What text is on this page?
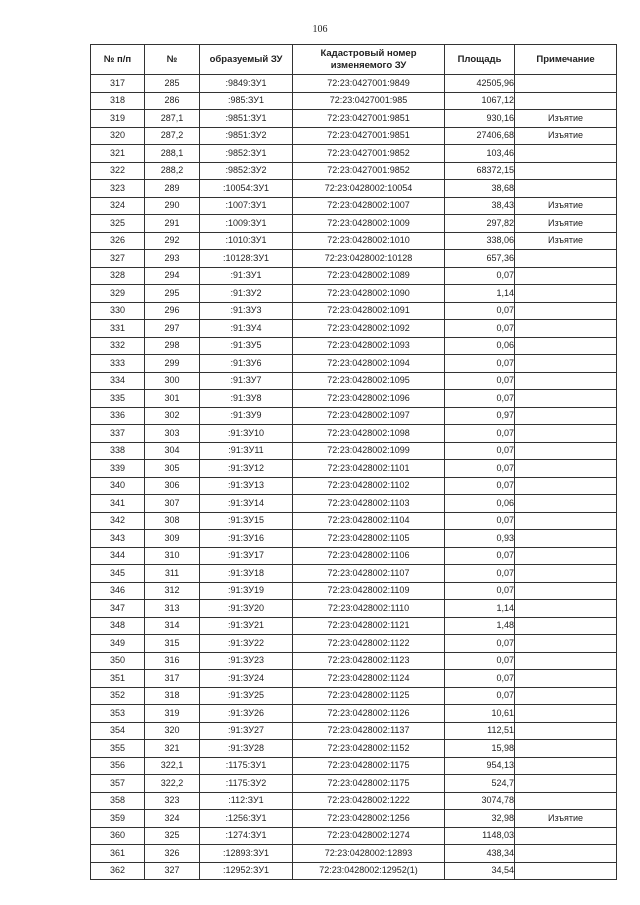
106
№ п/п	№	образуемый ЗУ	Кадастровый номер изменяемого ЗУ	Площадь	Примечание
317	285	:9849:ЗУ1	72:23:0427001:9849	42505,96	
318	286	:985:ЗУ1	72:23:0427001:985	1067,12	
319	287,1	:9851:ЗУ1	72:23:0427001:9851	930,16	Изъятие
320	287,2	:9851:ЗУ2	72:23:0427001:9851	27406,68	Изъятие
321	288,1	:9852:ЗУ1	72:23:0427001:9852	103,46	
322	288,2	:9852:ЗУ2	72:23:0427001:9852	68372,15	
323	289	:10054:ЗУ1	72:23:0428002:10054	38,68	
324	290	:1007:ЗУ1	72:23:0428002:1007	38,43	Изъятие
325	291	:1009:ЗУ1	72:23:0428002:1009	297,82	Изъятие
326	292	:1010:ЗУ1	72:23:0428002:1010	338,06	Изъятие
327	293	:10128:ЗУ1	72:23:0428002:10128	657,36	
328	294	:91:ЗУ1	72:23:0428002:1089	0,07	
329	295	:91:ЗУ2	72:23:0428002:1090	1,14	
330	296	:91:ЗУ3	72:23:0428002:1091	0,07	
331	297	:91:ЗУ4	72:23:0428002:1092	0,07	
332	298	:91:ЗУ5	72:23:0428002:1093	0,06	
333	299	:91:ЗУ6	72:23:0428002:1094	0,07	
334	300	:91:ЗУ7	72:23:0428002:1095	0,07	
335	301	:91:ЗУ8	72:23:0428002:1096	0,07	
336	302	:91:ЗУ9	72:23:0428002:1097	0,97	
337	303	:91:ЗУ10	72:23:0428002:1098	0,07	
338	304	:91:ЗУ11	72:23:0428002:1099	0,07	
339	305	:91:ЗУ12	72:23:0428002:1101	0,07	
340	306	:91:ЗУ13	72:23:0428002:1102	0,07	
341	307	:91:ЗУ14	72:23:0428002:1103	0,06	
342	308	:91:ЗУ15	72:23:0428002:1104	0,07	
343	309	:91:ЗУ16	72:23:0428002:1105	0,93	
344	310	:91:ЗУ17	72:23:0428002:1106	0,07	
345	311	:91:ЗУ18	72:23:0428002:1107	0,07	
346	312	:91:ЗУ19	72:23:0428002:1109	0,07	
347	313	:91:ЗУ20	72:23:0428002:1110	1,14	
348	314	:91:ЗУ21	72:23:0428002:1121	1,48	
349	315	:91:ЗУ22	72:23:0428002:1122	0,07	
350	316	:91:ЗУ23	72:23:0428002:1123	0,07	
351	317	:91:ЗУ24	72:23:0428002:1124	0,07	
352	318	:91:ЗУ25	72:23:0428002:1125	0,07	
353	319	:91:ЗУ26	72:23:0428002:1126	10,61	
354	320	:91:ЗУ27	72:23:0428002:1137	112,51	
355	321	:91:ЗУ28	72:23:0428002:1152	15,98	
356	322,1	:1175:ЗУ1	72:23:0428002:1175	954,13	
357	322,2	:1175:ЗУ2	72:23:0428002:1175	524,7	
358	323	:112:ЗУ1	72:23:0428002:1222	3074,78	
359	324	:1256:ЗУ1	72:23:0428002:1256	32,98	Изъятие
360	325	:1274:ЗУ1	72:23:0428002:1274	1148,03	
361	326	:12893:ЗУ1	72:23:0428002:12893	438,34	
362	327	:12952:ЗУ1	72:23:0428002:12952(1)	34,54	
